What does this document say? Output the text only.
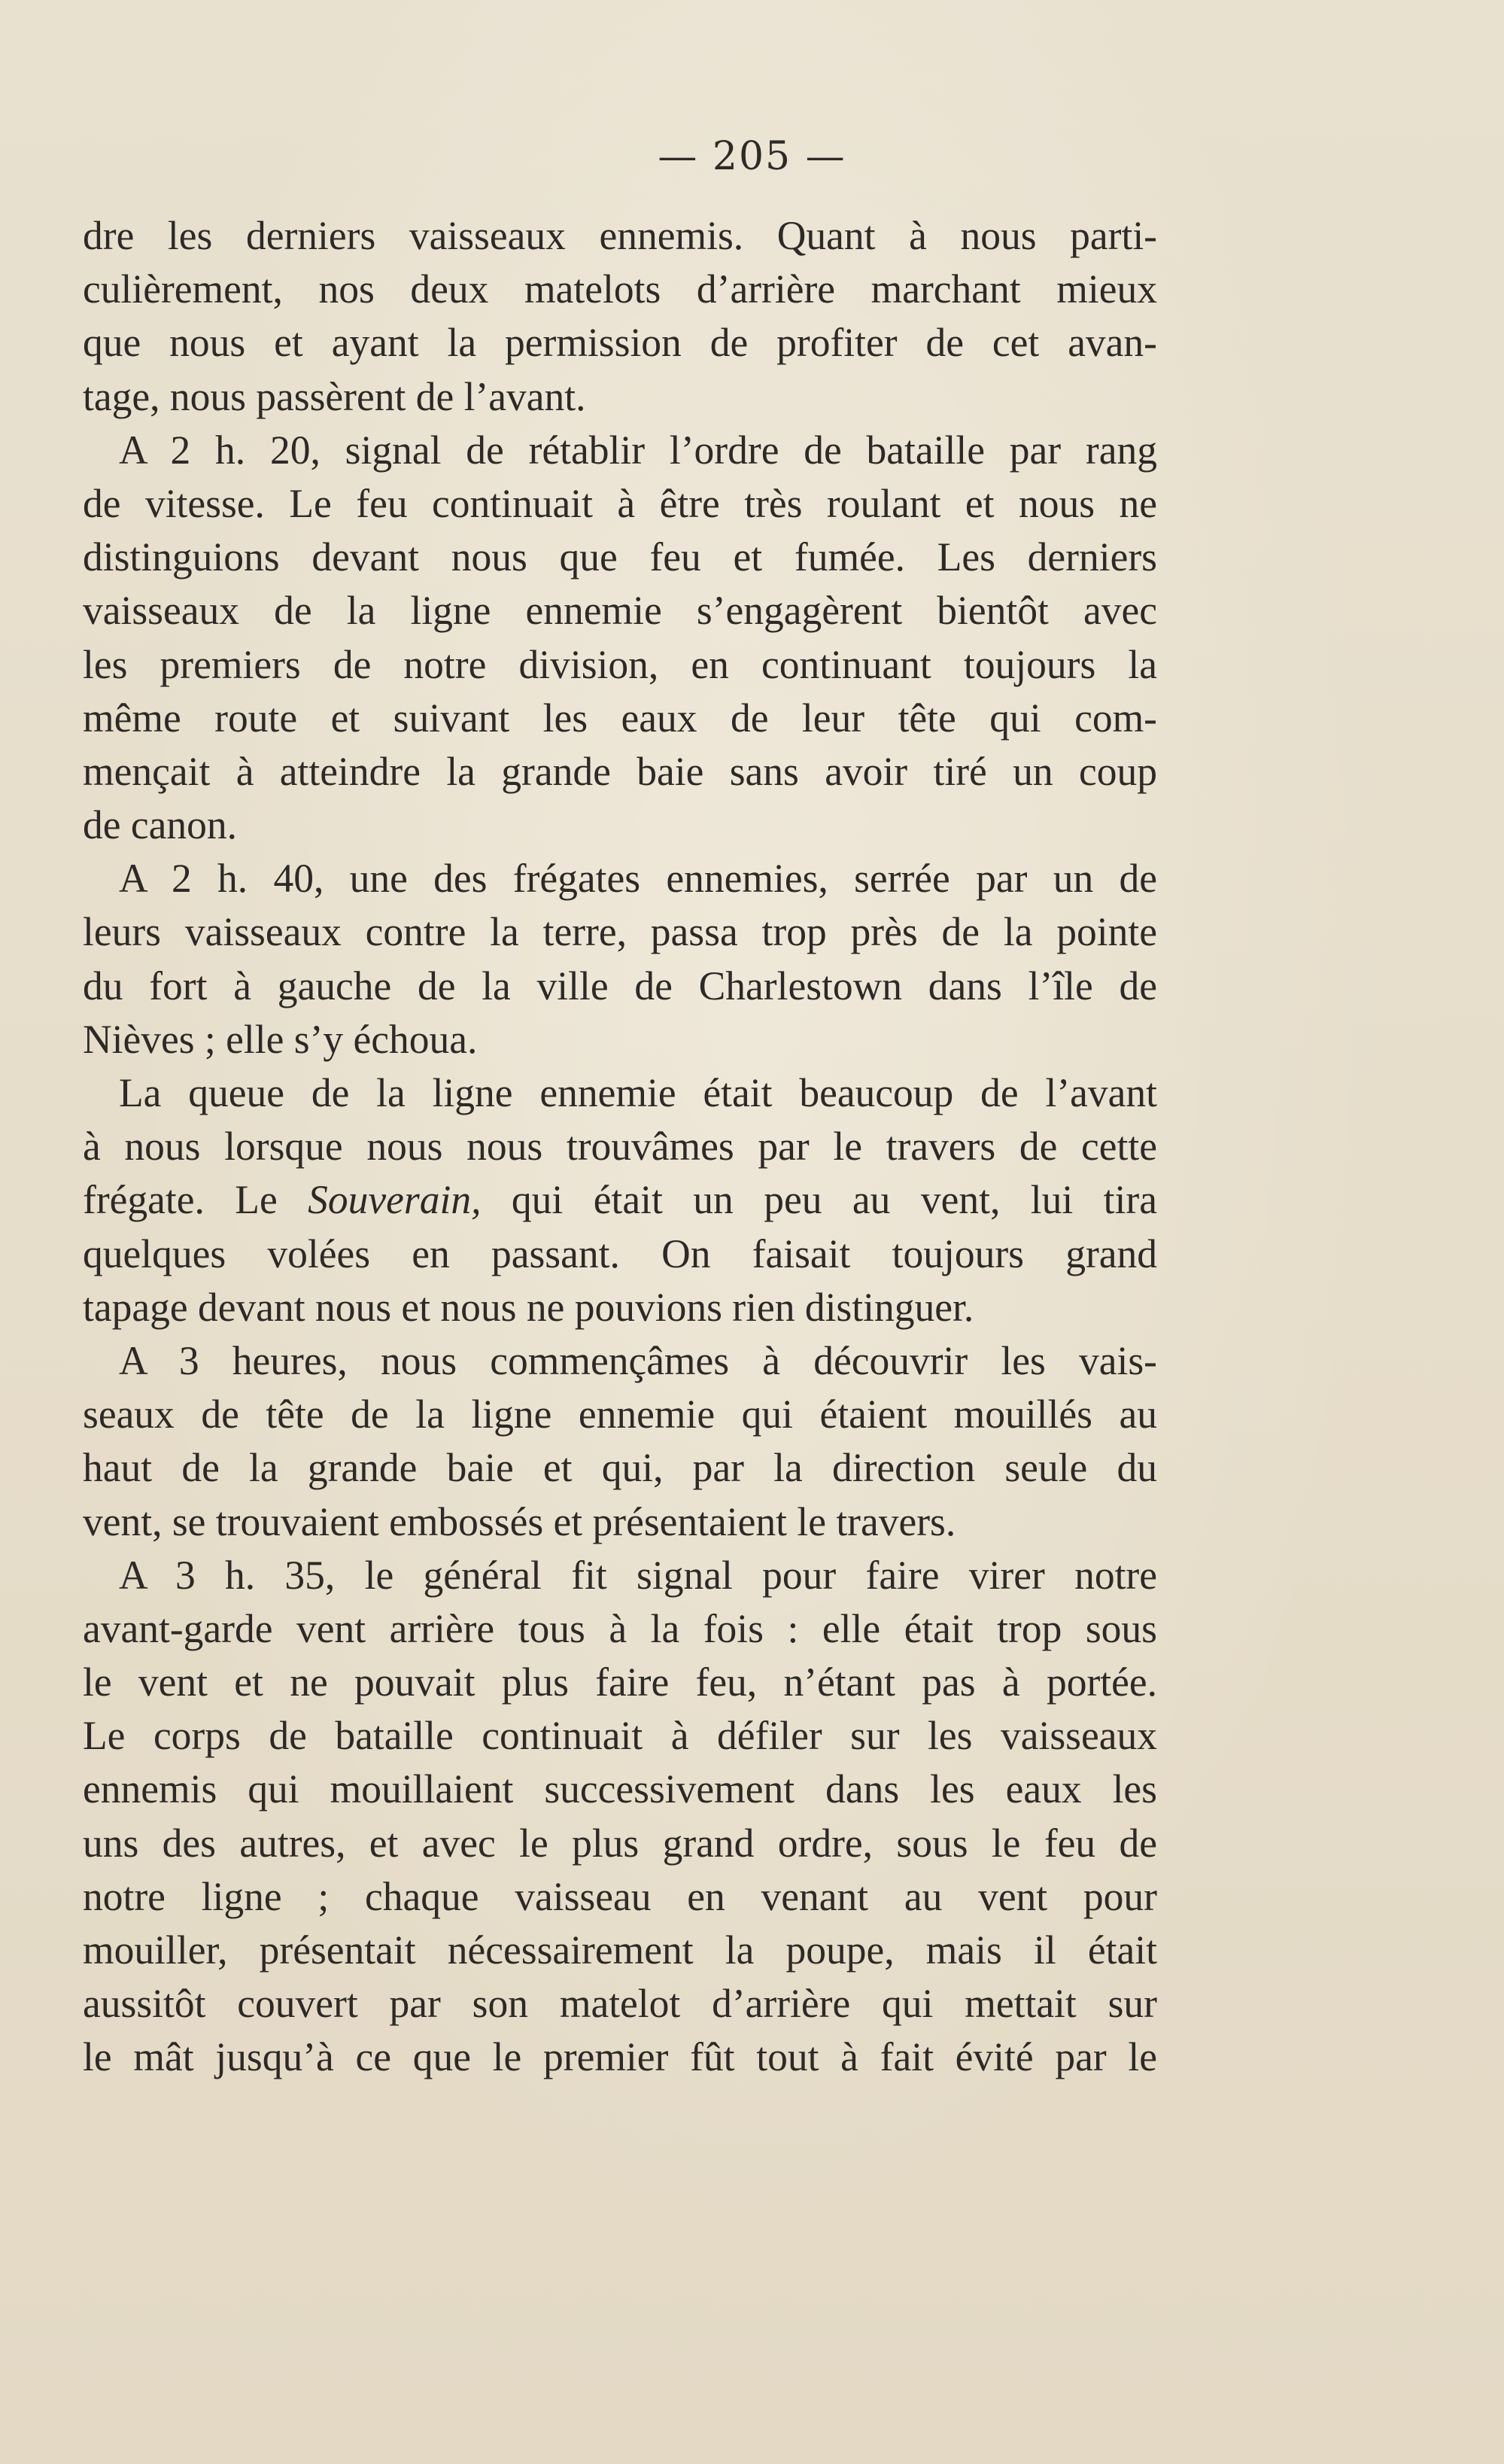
— 205 —
dre les derniers vaisseaux ennemis. Quant à nous parti-
culièrement, nos deux matelots d’arrière marchant mieux
que nous et ayant la permission de profiter de cet avan-
tage, nous passèrent de l’avant.
A 2 h. 20, signal de rétablir l’ordre de bataille par rang
de vitesse. Le feu continuait à être très roulant et nous ne
distinguions devant nous que feu et fumée. Les derniers
vaisseaux de la ligne ennemie s’engagèrent bientôt avec
les premiers de notre division, en continuant toujours la
même route et suivant les eaux de leur tête qui com-
mençait à atteindre la grande baie sans avoir tiré un coup
de canon.
A 2 h. 40, une des frégates ennemies, serrée par un de
leurs vaisseaux contre la terre, passa trop près de la pointe
du fort à gauche de la ville de Charlestown dans l’île de
Nièves ; elle s’y échoua.
La queue de la ligne ennemie était beaucoup de l’avant
à nous lorsque nous nous trouvâmes par le travers de cette
frégate. Le Souverain, qui était un peu au vent, lui tira
quelques volées en passant. On faisait toujours grand
tapage devant nous et nous ne pouvions rien distinguer.
A 3 heures, nous commençâmes à découvrir les vais-
seaux de tête de la ligne ennemie qui étaient mouillés au
haut de la grande baie et qui, par la direction seule du
vent, se trouvaient embossés et présentaient le travers.
A 3 h. 35, le général fit signal pour faire virer notre
avant-garde vent arrière tous à la fois : elle était trop sous
le vent et ne pouvait plus faire feu, n’étant pas à portée.
Le corps de bataille continuait à défiler sur les vaisseaux
ennemis qui mouillaient successivement dans les eaux les
uns des autres, et avec le plus grand ordre, sous le feu de
notre ligne ; chaque vaisseau en venant au vent pour
mouiller, présentait nécessairement la poupe, mais il était
aussitôt couvert par son matelot d’arrière qui mettait sur
le mât jusqu’à ce que le premier fût tout à fait évité par le
